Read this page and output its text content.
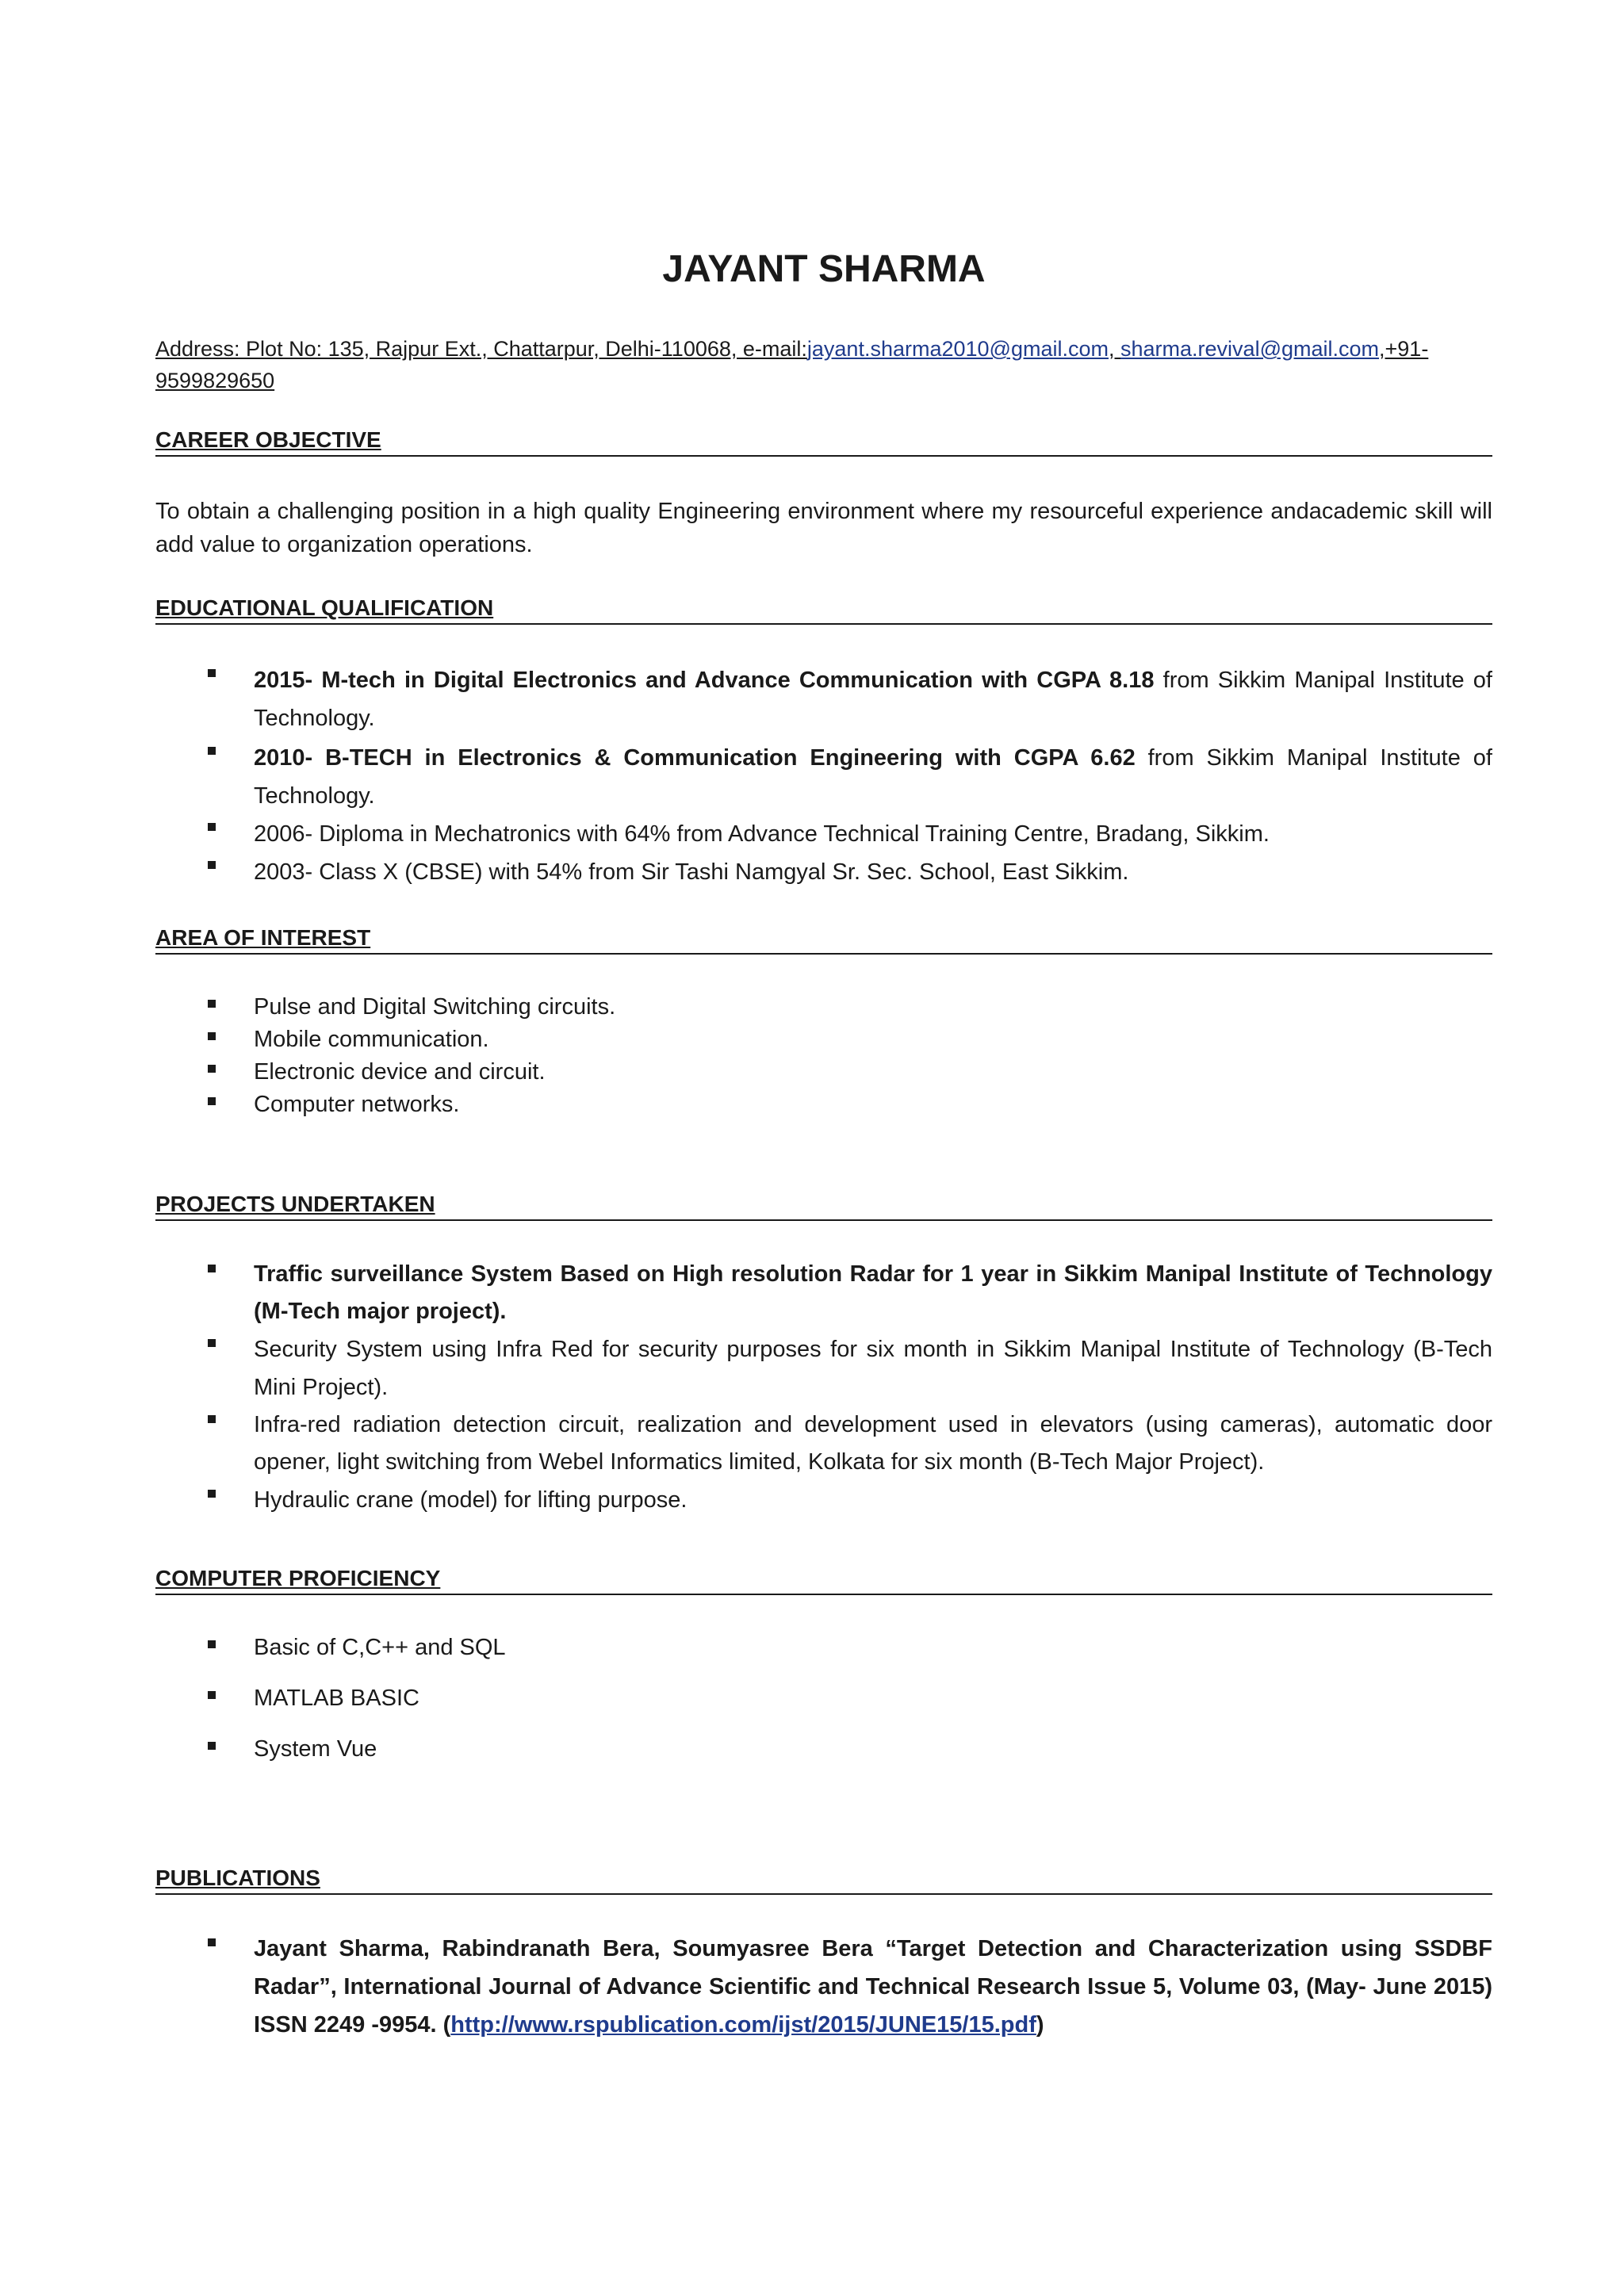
JAYANT SHARMA
Address: Plot No: 135, Rajpur Ext., Chattarpur, Delhi-110068, e-mail:jayant.sharma2010@gmail.com, sharma.revival@gmail.com,+91-9599829650
CAREER OBJECTIVE
To obtain a challenging position in a high quality Engineering environment where my resourceful experience andacademic skill will add value to organization operations.
EDUCATIONAL QUALIFICATION
2015- M-tech in Digital Electronics and Advance Communication with CGPA 8.18 from Sikkim Manipal Institute of Technology.
2010- B-TECH in Electronics & Communication Engineering with CGPA 6.62 from Sikkim Manipal Institute of Technology.
2006- Diploma in Mechatronics with 64% from Advance Technical Training Centre, Bradang, Sikkim.
2003- Class X (CBSE) with 54% from Sir Tashi Namgyal Sr. Sec. School, East Sikkim.
AREA OF INTEREST
Pulse and Digital Switching circuits.
Mobile communication.
Electronic device and circuit.
Computer networks.
PROJECTS UNDERTAKEN
Traffic surveillance System Based on High resolution Radar for 1 year in Sikkim Manipal Institute of Technology (M-Tech major project).
Security System using Infra Red for security purposes for six month in Sikkim Manipal Institute of Technology (B-Tech Mini Project).
Infra-red radiation detection circuit, realization and development used in elevators (using cameras), automatic door opener, light switching from Webel Informatics limited, Kolkata for six month (B-Tech Major Project).
Hydraulic crane (model) for lifting purpose.
COMPUTER PROFICIENCY
Basic of C,C++ and SQL
MATLAB BASIC
System Vue
PUBLICATIONS
Jayant Sharma, Rabindranath Bera, Soumyasree Bera “Target Detection and Characterization using SSDBF Radar”, International Journal of Advance Scientific and Technical Research Issue 5, Volume 03, (May- June 2015) ISSN 2249 -9954. (http://www.rspublication.com/ijst/2015/JUNE15/15.pdf)
